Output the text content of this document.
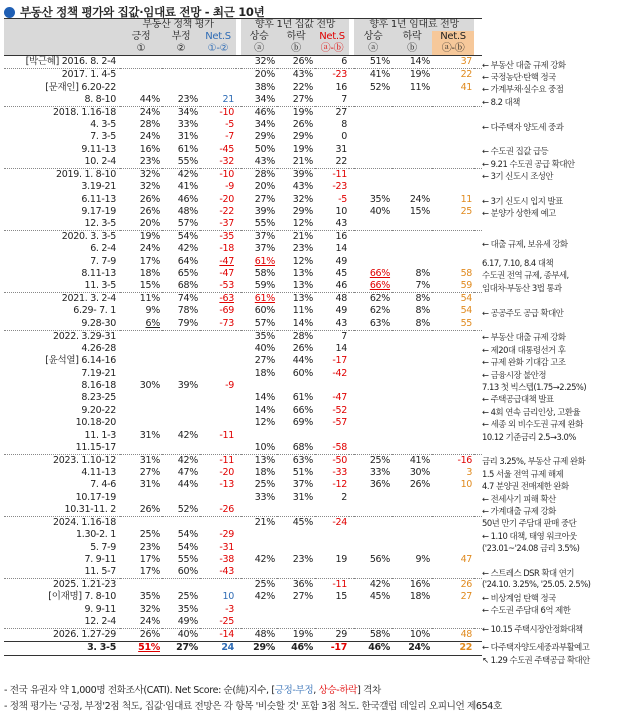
부동산 정책 평가와 집값·임대료 전망 - 최근 10년
	부동산 정책 평가				향후 1년 집값 전망				향후 1년 임대료 전망			
	긍정	부정	Net.S		상승	하락	Net.S		상승	하락	Net.S	
	①	②	①-②		ⓐ	ⓑ	ⓐ-ⓑ		ⓐ	ⓑ	ⓐ-ⓑ	
[박근혜] 2016. 8. 2-4					32%	26%	6		51%	14%	37	
2017. 1. 4-5					20%	43%	-23		41%	19%	22	
[문재인] 6.20-22					38%	22%	16		52%	11%	41	
8. 8-10	44%	23%	21		34%	27%	7					
2018. 1.16-18	24%	34%	-10		46%	19%	27					
4. 3-5	28%	33%	-5		34%	26%	8					
7. 3-5	24%	31%	-7		29%	29%	0					
9.11-13	16%	61%	-45		50%	19%	31					
10. 2-4	23%	55%	-32		43%	21%	22					
2019. 1. 8-10	32%	42%	-10		28%	39%	-11					
3.19-21	32%	41%	-9		20%	43%	-23					
6.11-13	26%	46%	-20		27%	32%	-5		35%	24%	11	
9.17-19	26%	48%	-22		39%	29%	10		40%	15%	25	
12. 3-5	20%	57%	-37		55%	12%	43					
2020. 3. 3-5	19%	54%	-35		37%	21%	16					
6. 2-4	24%	42%	-18		37%	23%	14					
7. 7-9	17%	64%	-47		61%	12%	49					
8.11-13	18%	65%	-47		58%	13%	45		66%	8%	58	
11. 3-5	15%	68%	-53		59%	13%	46		66%	7%	59	
2021. 3. 2-4	11%	74%	-63		61%	13%	48		62%	8%	54	
6.29- 7. 1	9%	78%	-69		60%	11%	49		62%	8%	54	
9.28-30	6%	79%	-73		57%	14%	43		63%	8%	55	
2022. 3.29-31					35%	28%	7					
4.26-28					40%	26%	14					
[윤석열] 6.14-16					27%	44%	-17					
7.19-21					18%	60%	-42					
8.16-18	30%	39%	-9									
8.23-25					14%	61%	-47					
9.20-22					14%	66%	-52					
10.18-20					12%	69%	-57					
11. 1-3	31%	42%	-11									
11.15-17					10%	68%	-58					
2023. 1.10-12	31%	42%	-11		13%	63%	-50		25%	41%	-16	
4.11-13	27%	47%	-20		18%	51%	-33		33%	30%	3	
7. 4-6	31%	44%	-13		25%	37%	-12		36%	26%	10	
10.17-19					33%	31%	2					
10.31-11. 2	26%	52%	-26									
2024. 1.16-18					21%	45%	-24					
1.30-2. 1	25%	54%	-29									
5. 7-9	23%	54%	-31									
7. 9-11	17%	55%	-38		42%	23%	19		56%	9%	47	
11. 5-7	17%	60%	-43									
2025. 1.21-23					25%	36%	-11		42%	16%	26	
[이재명] 7. 8-10	35%	25%	10		42%	27%	15		45%	18%	27	
9. 9-11	32%	35%	-3									
12. 2-4	24%	49%	-25									
2026. 1.27-29	26%	40%	-14		48%	19%	29		58%	10%	48	
3. 3-5	51%	27%	24		29%	46%	-17		46%	24%	22	
← 부동산 대출 규제 강화
← 국정농단·탄핵 정국
← 가계부채·실수요 중점
← 8.2 대책
← 다주택자 양도세 중과
← 수도권 집값 급등
← 9.21 수도권 공급 확대안
← 3기 신도시 조성안
← 3기 신도시 입지 발표
← 분양가 상한제 예고
← 대출 규제, 보유세 강화
6.17, 7.10, 8.4 대책
수도권 전역 규제, 종부세,
임대차·부동산 3법 통과
← 공공주도 공급 확대안
← 부동산 대출 규제 강화
← 제20대 대통령선거 후
← 규제 완화 기대감 고조
← 금융시장 불안정
7.13 첫 빅스텝(1.75→2.25%)
← 주택공급대책 발표
← 4회 연속 금리인상, 고환율
← 세종 외 비수도권 규제 완화
10.12 기준금리 2.5→3.0%
금리 3.25%, 부동산 규제 완화
1.5 서울 전역 규제 해제
4.7 분양권 전매제한 완화
← 전세사기 피해 확산
← 가계대출 규제 강화
50년 만기 주담대 판매 중단
← 1.10 대책, 태영 워크아웃
('23.01~'24.08 금리 3.5%)
← 스트레스 DSR 확대 연기
('24.10. 3.25%, '25.05. 2.5%)
← 비상계엄 탄핵 정국
← 수도권 주담대 6억 제한
← 10.15 주택시장안정화대책
← 다주택자양도세중과부활예고
↖ 1.29 수도권 주택공급 확대안
- 전국 유권자 약 1,000명 전화조사(CATI). Net Score: 순(純)지수, [긍정-부정, 상승-하락] 격차
- 정책 평가는 '긍정, 부정'2점 척도, 집값·임대료 전망은 각 항목 '비슷할 것' 포함 3점 척도. 한국갤럽 데일리 오피니언 제654호
